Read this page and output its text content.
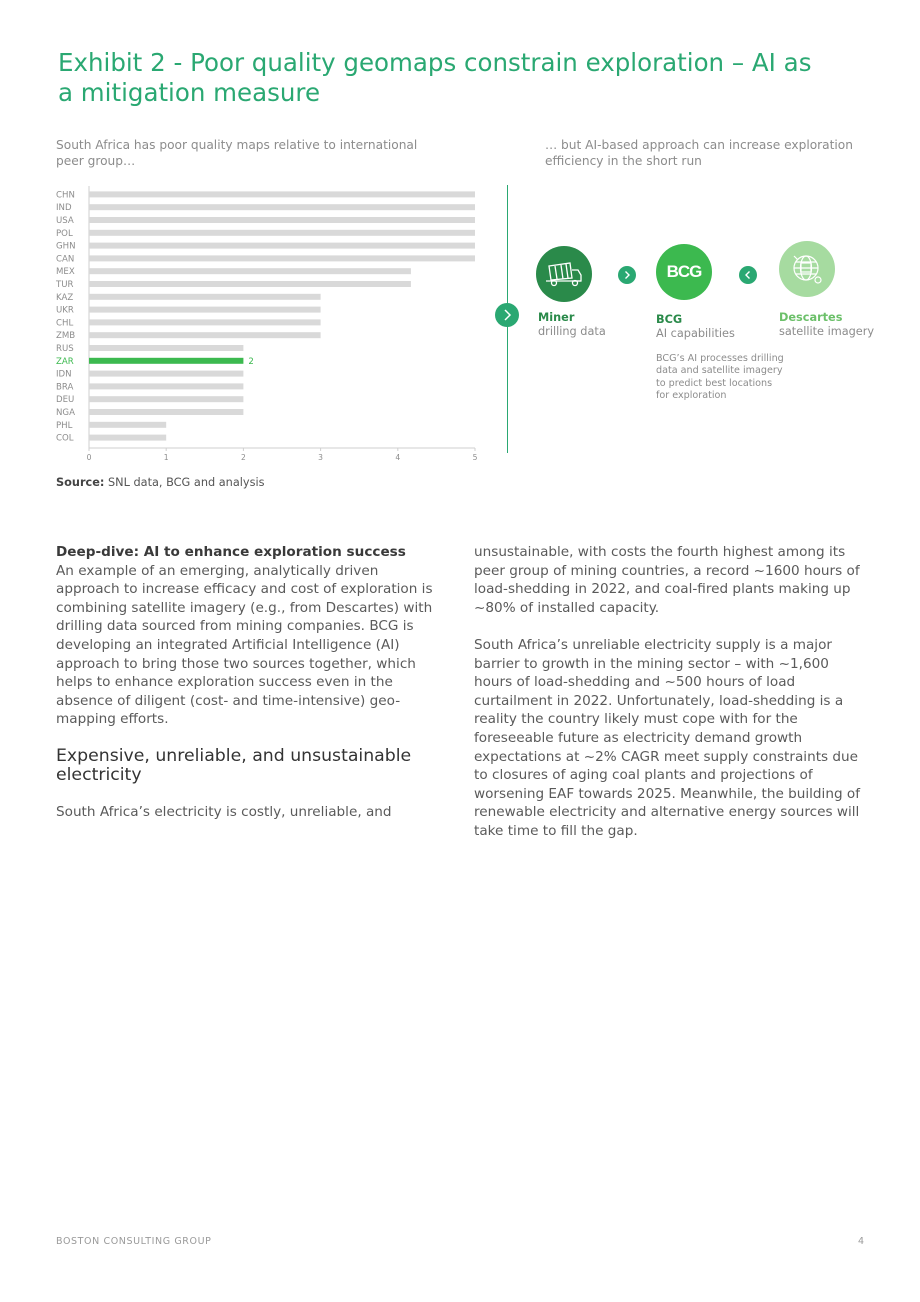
Exhibit 2 - Poor quality geomaps constrain exploration – AI as a mitigation measure
South Africa has poor quality maps relative to international peer group…
CHN
IND
USA
POL
GHN
CAN
MEX
TUR
KAZ
UKR
CHL
ZMB
RUS
ZAR	2
IDN
BRA
DEU
NGA
PHL
COL
0	1	2	3	4	5
Source: SNL data, BCG and analysis
… but AI-based approach can increase exploration efficiency in the short run
Miner
drilling data
BCG
BCG
AI capabilities
BCG’s AI processes drilling data and satellite imagery to predict best locations for exploration
Descartes
satellite imagery
Deep-dive: AI to enhance exploration success
An example of an emerging, analytically driven approach to increase efficacy and cost of exploration is combining satellite imagery (e.g., from Descartes) with drilling data sourced from mining companies. BCG is developing an integrated Artificial Intelligence (AI) approach to bring those two sources together, which helps to enhance exploration success even in the absence of diligent (cost- and time-intensive) geo-mapping efforts.
Expensive, unreliable, and unsustainable electricity
South Africa’s electricity is costly, unreliable, and
unsustainable, with costs the fourth highest among its peer group of mining countries, a record ~1600 hours of load-shedding in 2022, and coal-fired plants making up ~80% of installed capacity.
South Africa’s unreliable electricity supply is a major barrier to growth in the mining sector – with ~1,600 hours of load-shedding and ~500 hours of load curtailment in 2022. Unfortunately, load-shedding is a reality the country likely must cope with for the foreseeable future as electricity demand growth expectations at ~2% CAGR meet supply constraints due to closures of aging coal plants and projections of worsening EAF towards 2025. Meanwhile, the building of renewable electricity and alternative energy sources will take time to fill the gap.
BOSTON CONSULTING GROUP	4
